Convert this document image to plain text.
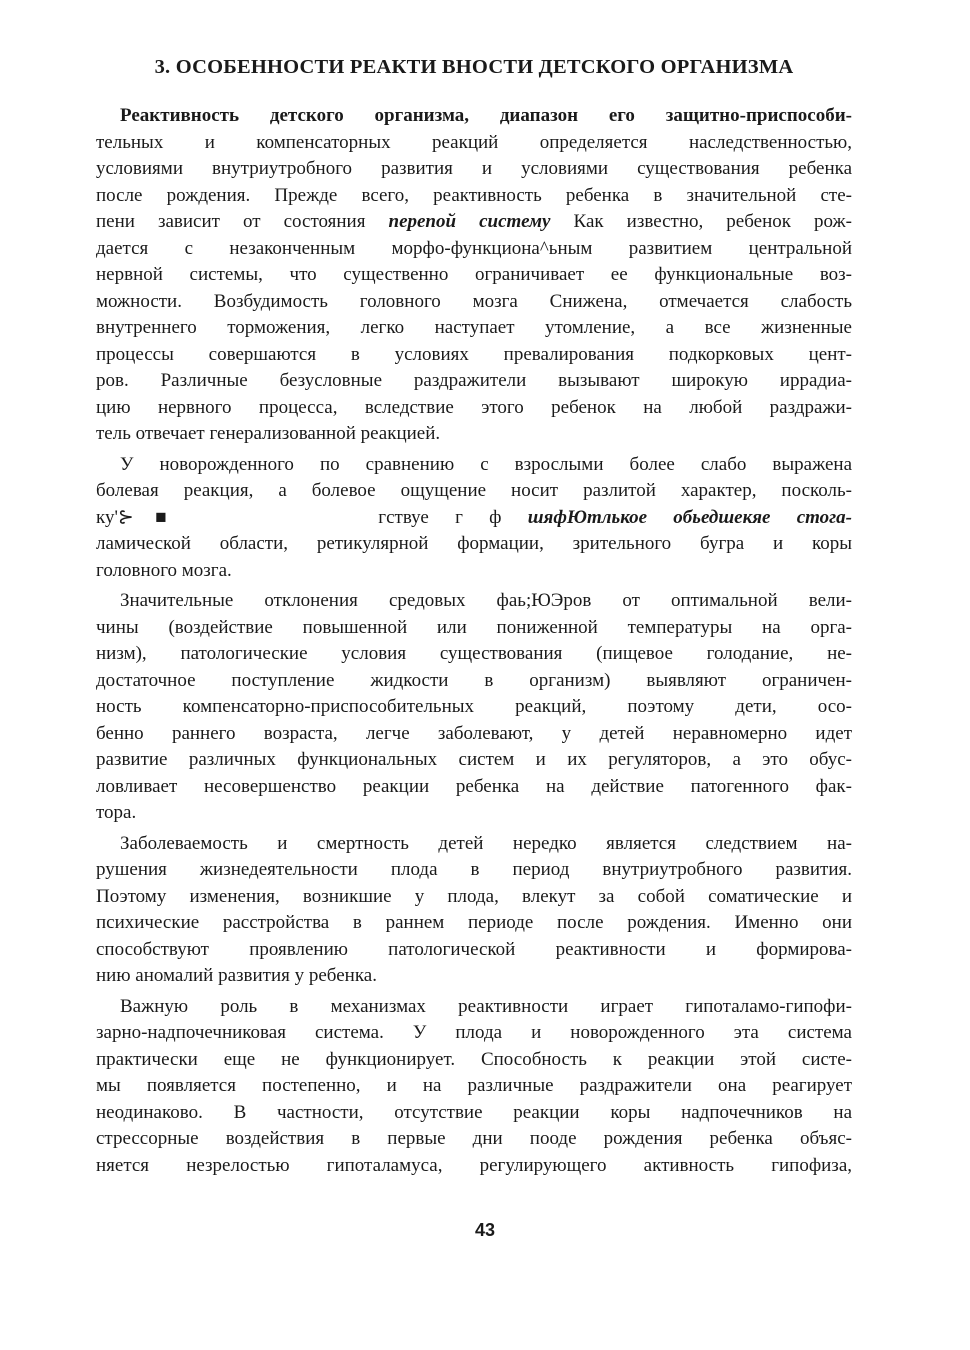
3. ОСОБЕННОСТИ РЕАКТИ ВНОСТИ ДЕТСКОГО ОРГАНИЗМА
Реактивность детского организма, диапазон его защитно-приспособи-
тельных и компенсаторных реакций определяется наследственностью,
условиями внутриутробного развития и условиями существования ребенка
после рождения. Прежде всего, реактивность ребенка в значительной сте-
пени зависит от состояния перепой систему Как известно, ребенок рож-
дается с незаконченным морфо-функциона^ьным развитием центральной
нервной системы, что существенно ограничивает ее функциональные воз-
можности. Возбудимость головного мозга Снижена, отмечается слабость
внутреннего торможения, легко наступает утомление, а все жизненные
процессы совершаются в условиях превалирования подкорковых цент-
ров. Различные безусловные раздражители вызывают широкую иррадиа-
цию нервного процесса, вследствие этого ребенок на любой раздражи-
тель отвечает генерализованной реакцией.
У новорожденного по сравнению с взрослыми более слабо выражена
болевая реакция, а болевое ощущение носит разлитой характер, посколь-
ку'⊱■	гствуе г ф шяфЮтлькое обьедшекяе стога-
ламической области, ретикулярной формации, зрительного бугра и коры
головного мозга.
Значительные отклонения средовых фаь;ЮЭров от оптимальной вели-
чины (воздействие повышенной или пониженной температуры на орга-
низм), патологические условия существования (пищевое голодание, не-
достаточное поступление жидкости в организм) выявляют ограничен-
ность компенсаторно-приспособительных реакций, поэтому дети, осо-
бенно раннего возраста, легче заболевают, у детей неравномерно идет
развитие различных функциональных систем и их регуляторов, а это обус-
ловливает несовершенство реакции ребенка на действие патогенного фак-
тора.
Заболеваемость и смертность детей нередко является следствием на-
рушения жизнедеятельности плода в период внутриутробного развития.
Поэтому изменения, возникшие у плода, влекут за собой соматические и
психические расстройства в раннем периоде после рождения. Именно они
способствуют проявлению патологической реактивности и формирова-
нию аномалий развития у ребенка.
Важную роль в механизмах реактивности играет гипоталамо-гипофи-
зарно-надпочечниковая система. У плода и новорожденного эта система
практически еще не функционирует. Способность к реакции этой систе-
мы появляется постепенно, и на различные раздражители она реагирует
неодинаково. В частности, отсутствие реакции коры надпочечников на
стрессорные воздействия в первые дни пооде рождения ребенка объяс-
няется незрелостью гипоталамуса, регулирующего активность гипофиза,
43
